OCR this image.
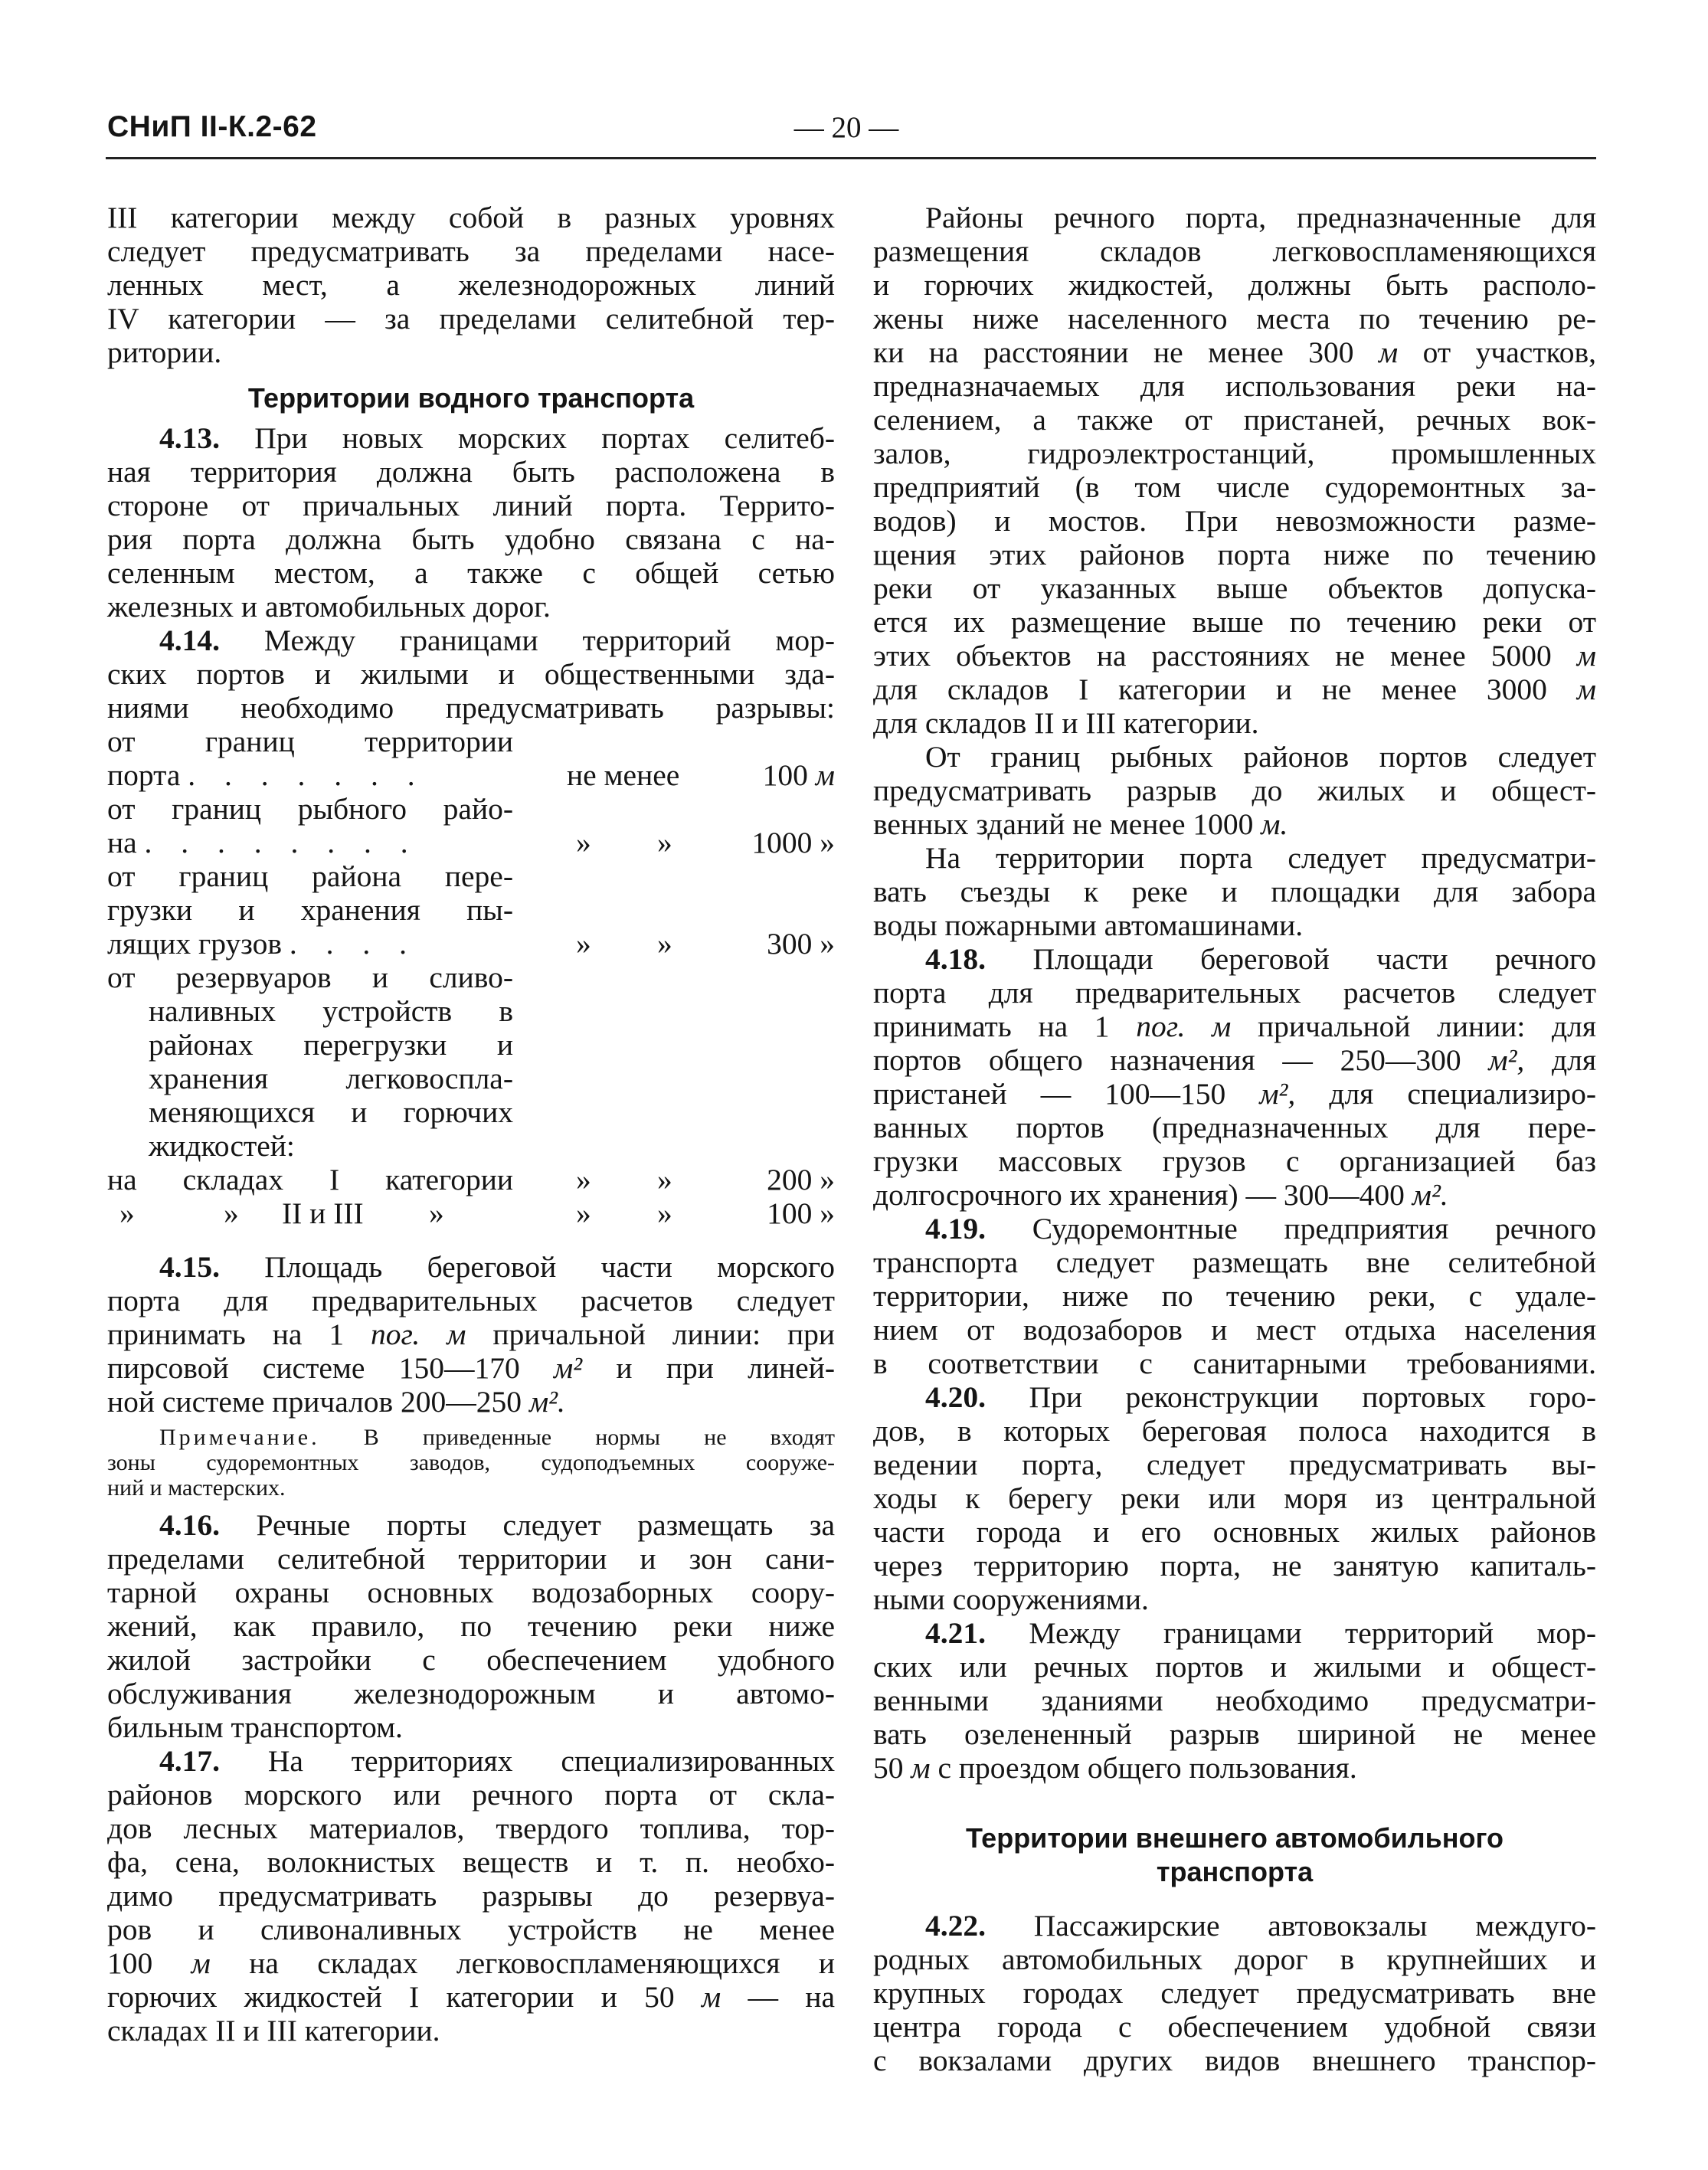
СНиП II-К.2-62	— 20 —
III категории между собой в разных уровнях
следует предусматривать за пределами насе-
ленных мест, а железнодорожных линий
IV категории — за пределами селитебной тер-
ритории.
Территории водного транспорта
4.13. При новых морских портах селитеб-
ная территория должна быть расположена в
стороне от причальных линий порта. Террито-
рия порта должна быть удобно связана с на-
селенным местом, а также с общей сетью
железных и автомобильных дорог.
4.14. Между границами территорий мор-
ских портов и жилыми и общественными зда-
ниями необходимо предусматривать разрывы:
от границ территории
порта . . . . . . .	не менее	100 м
от границ рыбного райо-
на . . . . . . . .	» »	1000 »
от границ района пере-
грузки и хранения пы-
лящих грузов . . . .	» »	300 »
от резервуаров и сливо-
наливных устройств в
районах перегрузки и
хранения легковоспла-
меняющихся и горючих
жидкостей:
на складах I категории » »	200 »
»	» II и III »	» »	100 »
4.15. Площадь береговой части морского
порта для предварительных расчетов следует
принимать на 1 пог. м причальной линии: при
пирсовой системе 150—170 м² и при линей-
ной системе причалов 200—250 м².
Примечание. В приведенные нормы не входят
зоны судоремонтных заводов, судоподъемных сооруже-
ний и мастерских.
4.16. Речные порты следует размещать за
пределами селитебной территории и зон сани-
тарной охраны основных водозаборных соору-
жений, как правило, по течению реки ниже
жилой застройки с обеспечением удобного
обслуживания железнодорожным и автомо-
бильным транспортом.
4.17. На территориях специализированных
районов морского или речного порта от скла-
дов лесных материалов, твердого топлива, тор-
фа, сена, волокнистых веществ и т. п. необхо-
димо предусматривать разрывы до резервуа-
ров и сливоналивных устройств не менее
100 м на складах легковоспламеняющихся и
горючих жидкостей I категории и 50 м — на
складах II и III категории.
Районы речного порта, предназначенные для
размещения складов легковоспламеняющихся
и горючих жидкостей, должны быть располо-
жены ниже населенного места по течению ре-
ки на расстоянии не менее 300 м от участков,
предназначаемых для использования реки на-
селением, а также от пристаней, речных вок-
залов, гидроэлектростанций, промышленных
предприятий (в том числе судоремонтных за-
водов) и мостов. При невозможности разме-
щения этих районов порта ниже по течению
реки от указанных выше объектов допуска-
ется их размещение выше по течению реки от
этих объектов на расстояниях не менее 5000 м
для складов I категории и не менее 3000 м
для складов II и III категории.
От границ рыбных районов портов следует
предусматривать разрыв до жилых и общест-
венных зданий не менее 1000 м.
На территории порта следует предусматри-
вать съезды к реке и площадки для забора
воды пожарными автомашинами.
4.18. Площади береговой части речного
порта для предварительных расчетов следует
принимать на 1 пог. м причальной линии: для
портов общего назначения — 250—300 м², для
пристаней — 100—150 м², для специализиро-
ванных портов (предназначенных для пере-
грузки массовых грузов с организацией баз
долгосрочного их хранения) — 300—400 м².
4.19. Судоремонтные предприятия речного
транспорта следует размещать вне селитебной
территории, ниже по течению реки, с удале-
нием от водозаборов и мест отдыха населения
в соответствии с санитарными требованиями.
4.20. При реконструкции портовых горо-
дов, в которых береговая полоса находится в
ведении порта, следует предусматривать вы-
ходы к берегу реки или моря из центральной
части города и его основных жилых районов
через территорию порта, не занятую капиталь-
ными сооружениями.
4.21. Между границами территорий мор-
ских или речных портов и жилыми и общест-
венными зданиями необходимо предусматри-
вать озелененный разрыв шириной не менее
50 м с проездом общего пользования.
Территории внешнего автомобильного
транспорта
4.22. Пассажирские автовокзалы междуго-
родных автомобильных дорог в крупнейших и
крупных городах следует предусматривать вне
центра города с обеспечением удобной связи
с вокзалами других видов внешнего транспор-
